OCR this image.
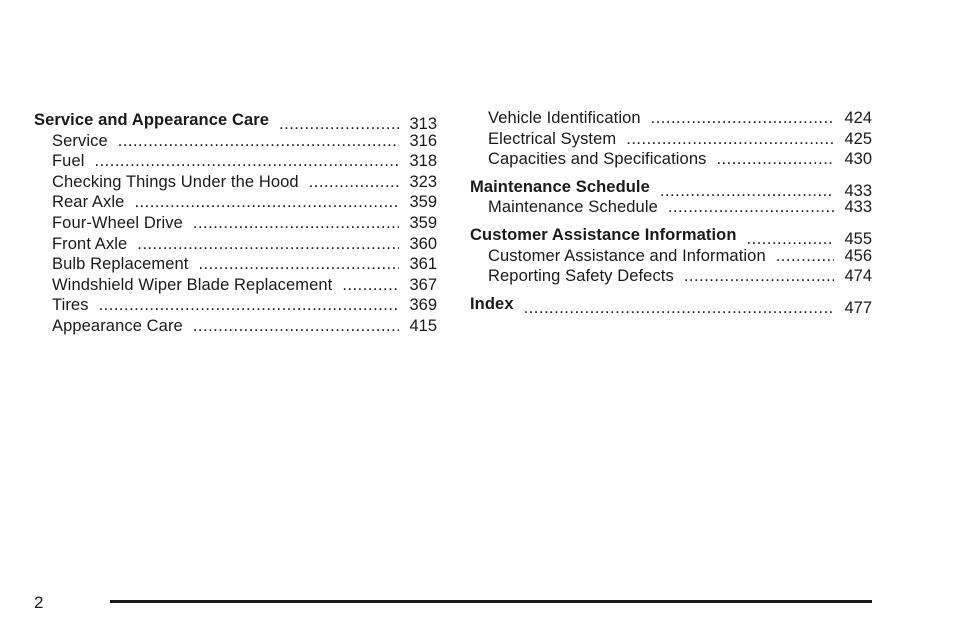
Service and Appearance Care .....	313
Service .....	316
Fuel .....	318
Checking Things Under the Hood .....	323
Rear Axle .....	359
Four-Wheel Drive .....	359
Front Axle .....	360
Bulb Replacement .....	361
Windshield Wiper Blade Replacement .....	367
Tires .....	369
Appearance Care .....	415
Vehicle Identification .....	424
Electrical System .....	425
Capacities and Specifications .....	430
Maintenance Schedule .....	433
Maintenance Schedule .....	433
Customer Assistance Information .....	455
Customer Assistance and Information .....	456
Reporting Safety Defects .....	474
Index .....	477
2
